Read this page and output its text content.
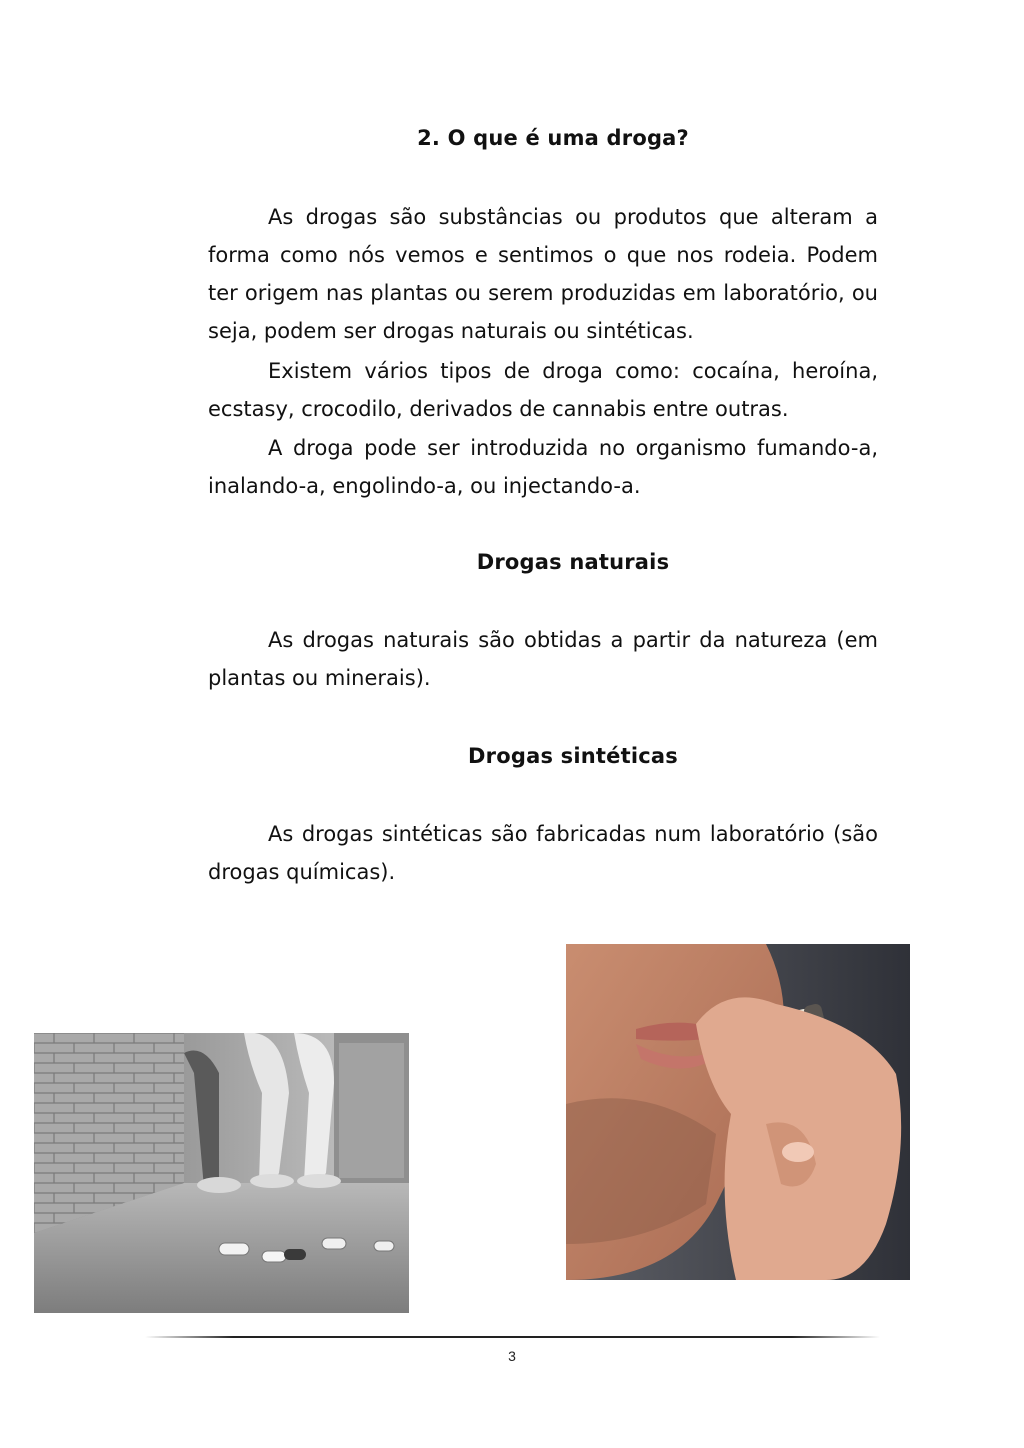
2. O que é uma droga?

As drogas são substâncias ou produtos que alteram a forma como nós vemos e sentimos o que nos rodeia. Podem ter origem nas plantas ou serem produzidas em laboratório, ou seja, podem ser drogas naturais ou sintéticas.

Existem vários tipos de droga como: cocaína, heroína, ecstasy, crocodilo, derivados de cannabis entre outras.

A droga pode ser introduzida no organismo fumando-a, inalando-a, engolindo-a, ou injectando-a.

Drogas naturais

As drogas naturais são obtidas a partir da natureza (em plantas ou minerais).

Drogas sintéticas

As drogas sintéticas são fabricadas num laboratório (são drogas químicas).

3
